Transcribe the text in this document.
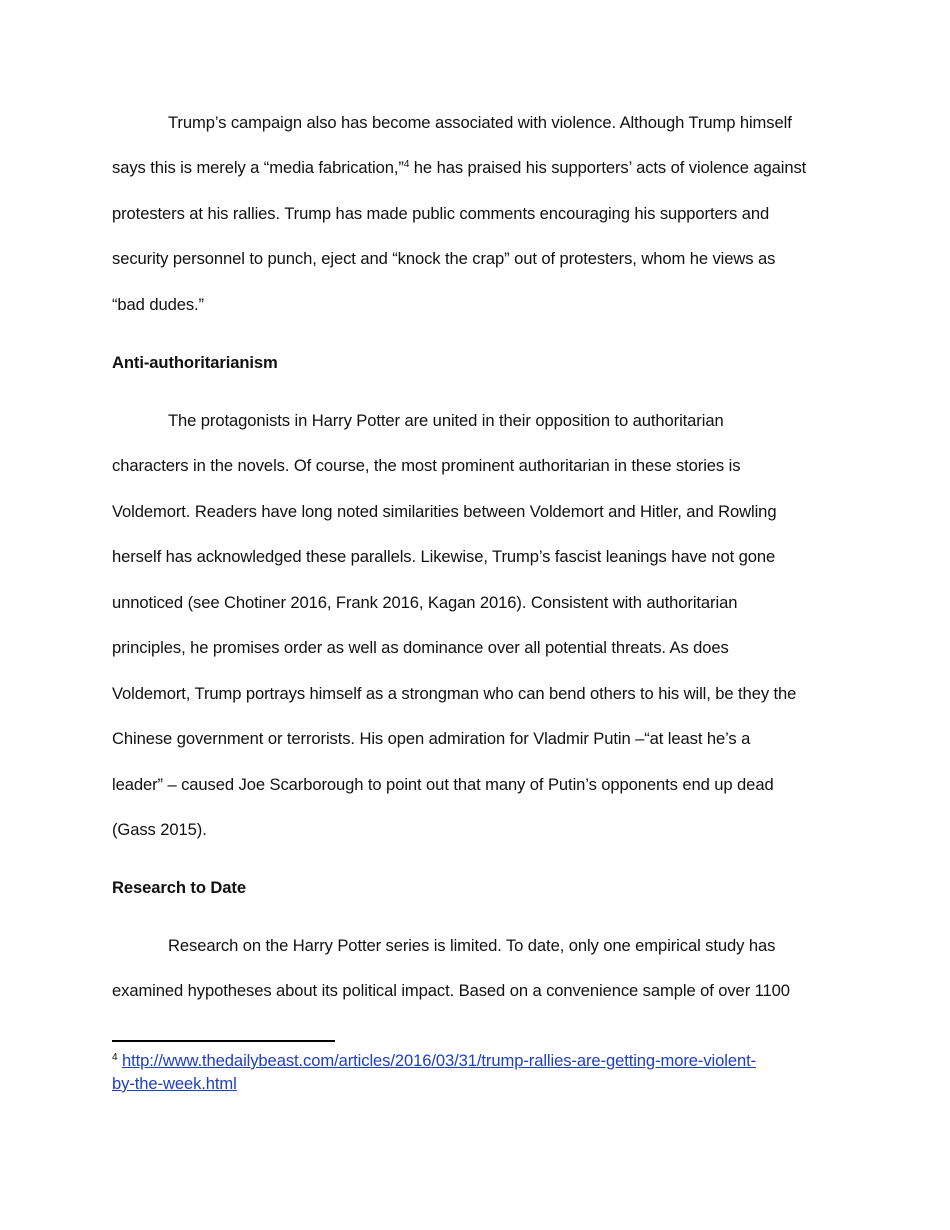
Trump’s campaign also has become associated with violence. Although Trump himself
says this is merely a “media fabrication,”$^4$ he has praised his supporters’ acts of violence against
protesters at his rallies. Trump has made public comments encouraging his supporters and
security personnel to punch, eject and “knock the crap” out of protesters, whom he views as
“bad dudes.”
Anti-authoritarianism
The protagonists in Harry Potter are united in their opposition to authoritarian
characters in the novels. Of course, the most prominent authoritarian in these stories is
Voldemort. Readers have long noted similarities between Voldemort and Hitler, and Rowling
herself has acknowledged these parallels. Likewise, Trump’s fascist leanings have not gone
unnoticed (see Chotiner 2016, Frank 2016, Kagan 2016). Consistent with authoritarian
principles, he promises order as well as dominance over all potential threats. As does
Voldemort, Trump portrays himself as a strongman who can bend others to his will, be they the
Chinese government or terrorists. His open admiration for Vladmir Putin –“at least he’s a
leader” – caused Joe Scarborough to point out that many of Putin’s opponents end up dead
(Gass 2015).
Research to Date
Research on the Harry Potter series is limited. To date, only one empirical study has
examined hypotheses about its political impact. Based on a convenience sample of over 1100
$^4$ http://www.thedailybeast.com/articles/2016/03/31/trump-rallies-are-getting-more-violent-
by-the-week.html
